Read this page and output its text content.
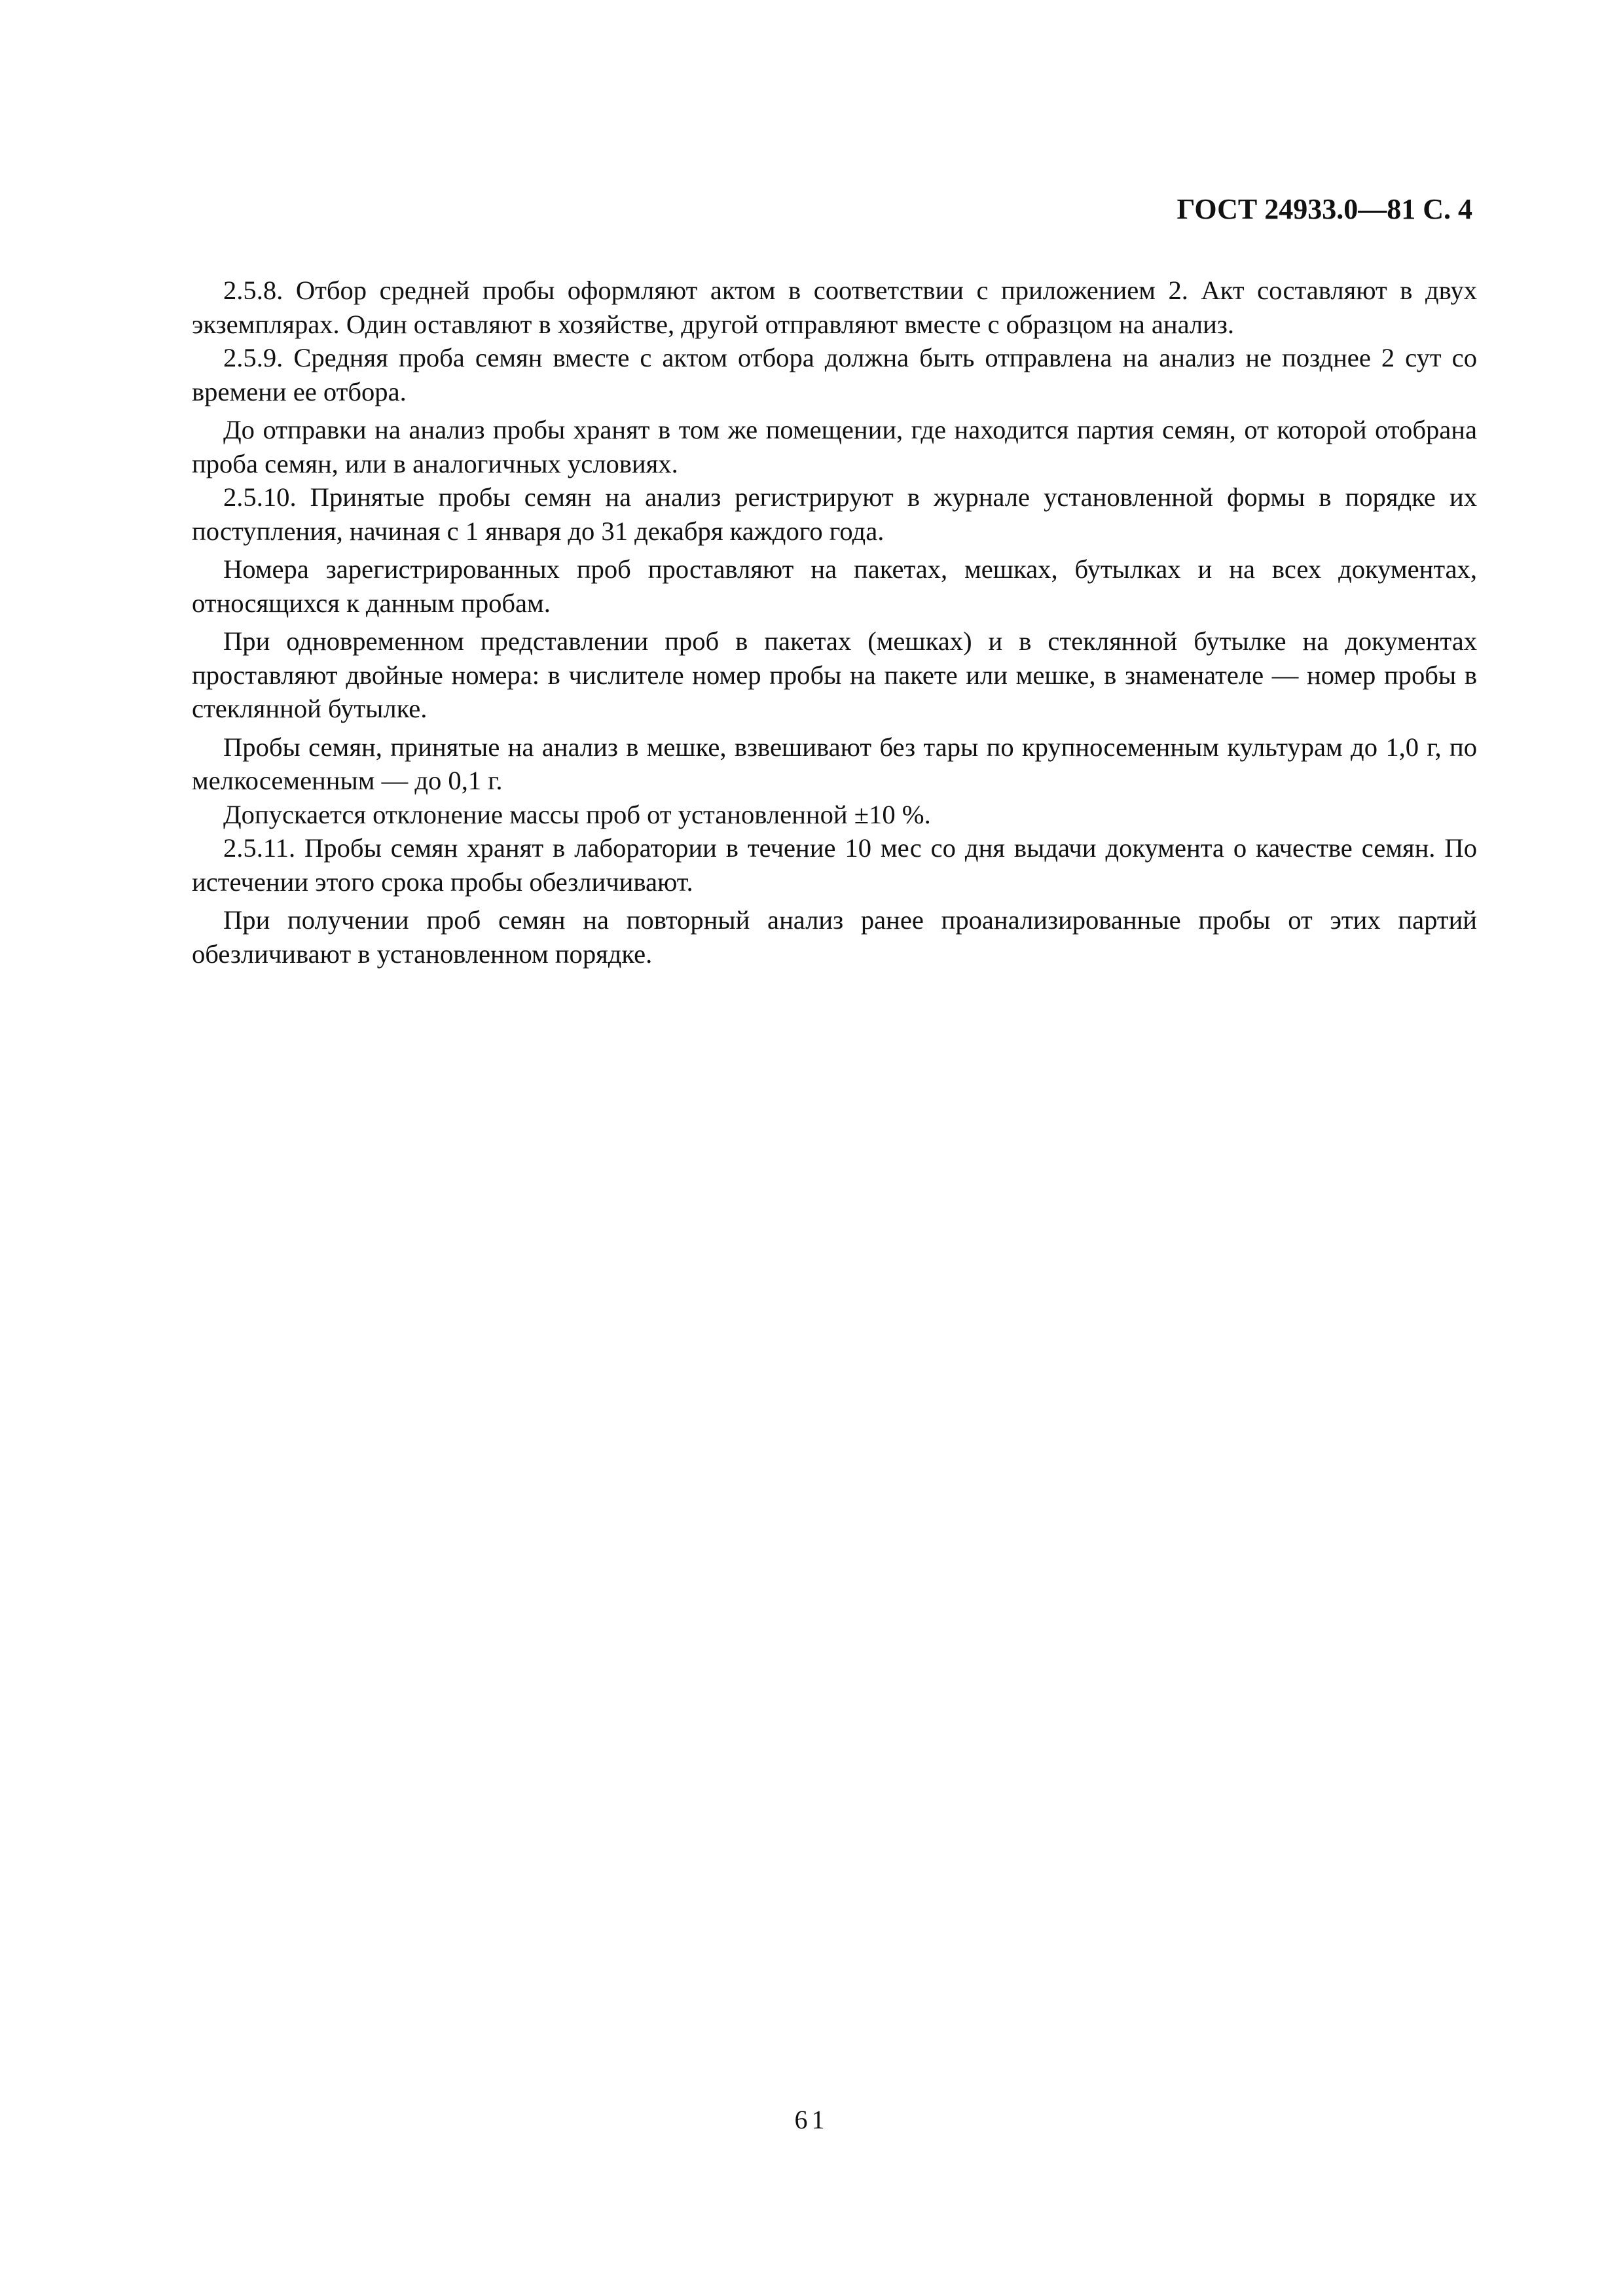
ГОСТ 24933.0—81 С. 4

2.5.8. Отбор средней пробы оформляют актом в соответствии с приложением 2. Акт составляют в двух экземплярах. Один оставляют в хозяйстве, другой отправляют вместе с образцом на анализ.

2.5.9. Средняя проба семян вместе с актом отбора должна быть отправлена на анализ не позднее 2 сут со времени ее отбора.

До отправки на анализ пробы хранят в том же помещении, где находится партия семян, от которой отобрана проба семян, или в аналогичных условиях.

2.5.10. Принятые пробы семян на анализ регистрируют в журнале установленной формы в порядке их поступления, начиная с 1 января до 31 декабря каждого года.

Номера зарегистрированных проб проставляют на пакетах, мешках, бутылках и на всех документах, относящихся к данным пробам.

При одновременном представлении проб в пакетах (мешках) и в стеклянной бутылке на документах проставляют двойные номера: в числителе номер пробы на пакете или мешке, в знаменателе — номер пробы в стеклянной бутылке.

Пробы семян, принятые на анализ в мешке, взвешивают без тары по крупносеменным культурам до 1,0 г, по мелкосеменным — до 0,1 г.

Допускается отклонение массы проб от установленной ±10 %.

2.5.11. Пробы семян хранят в лаборатории в течение 10 мес со дня выдачи документа о качестве семян. По истечении этого срока пробы обезличивают.

При получении проб семян на повторный анализ ранее проанализированные пробы от этих партий обезличивают в установленном порядке.

61
